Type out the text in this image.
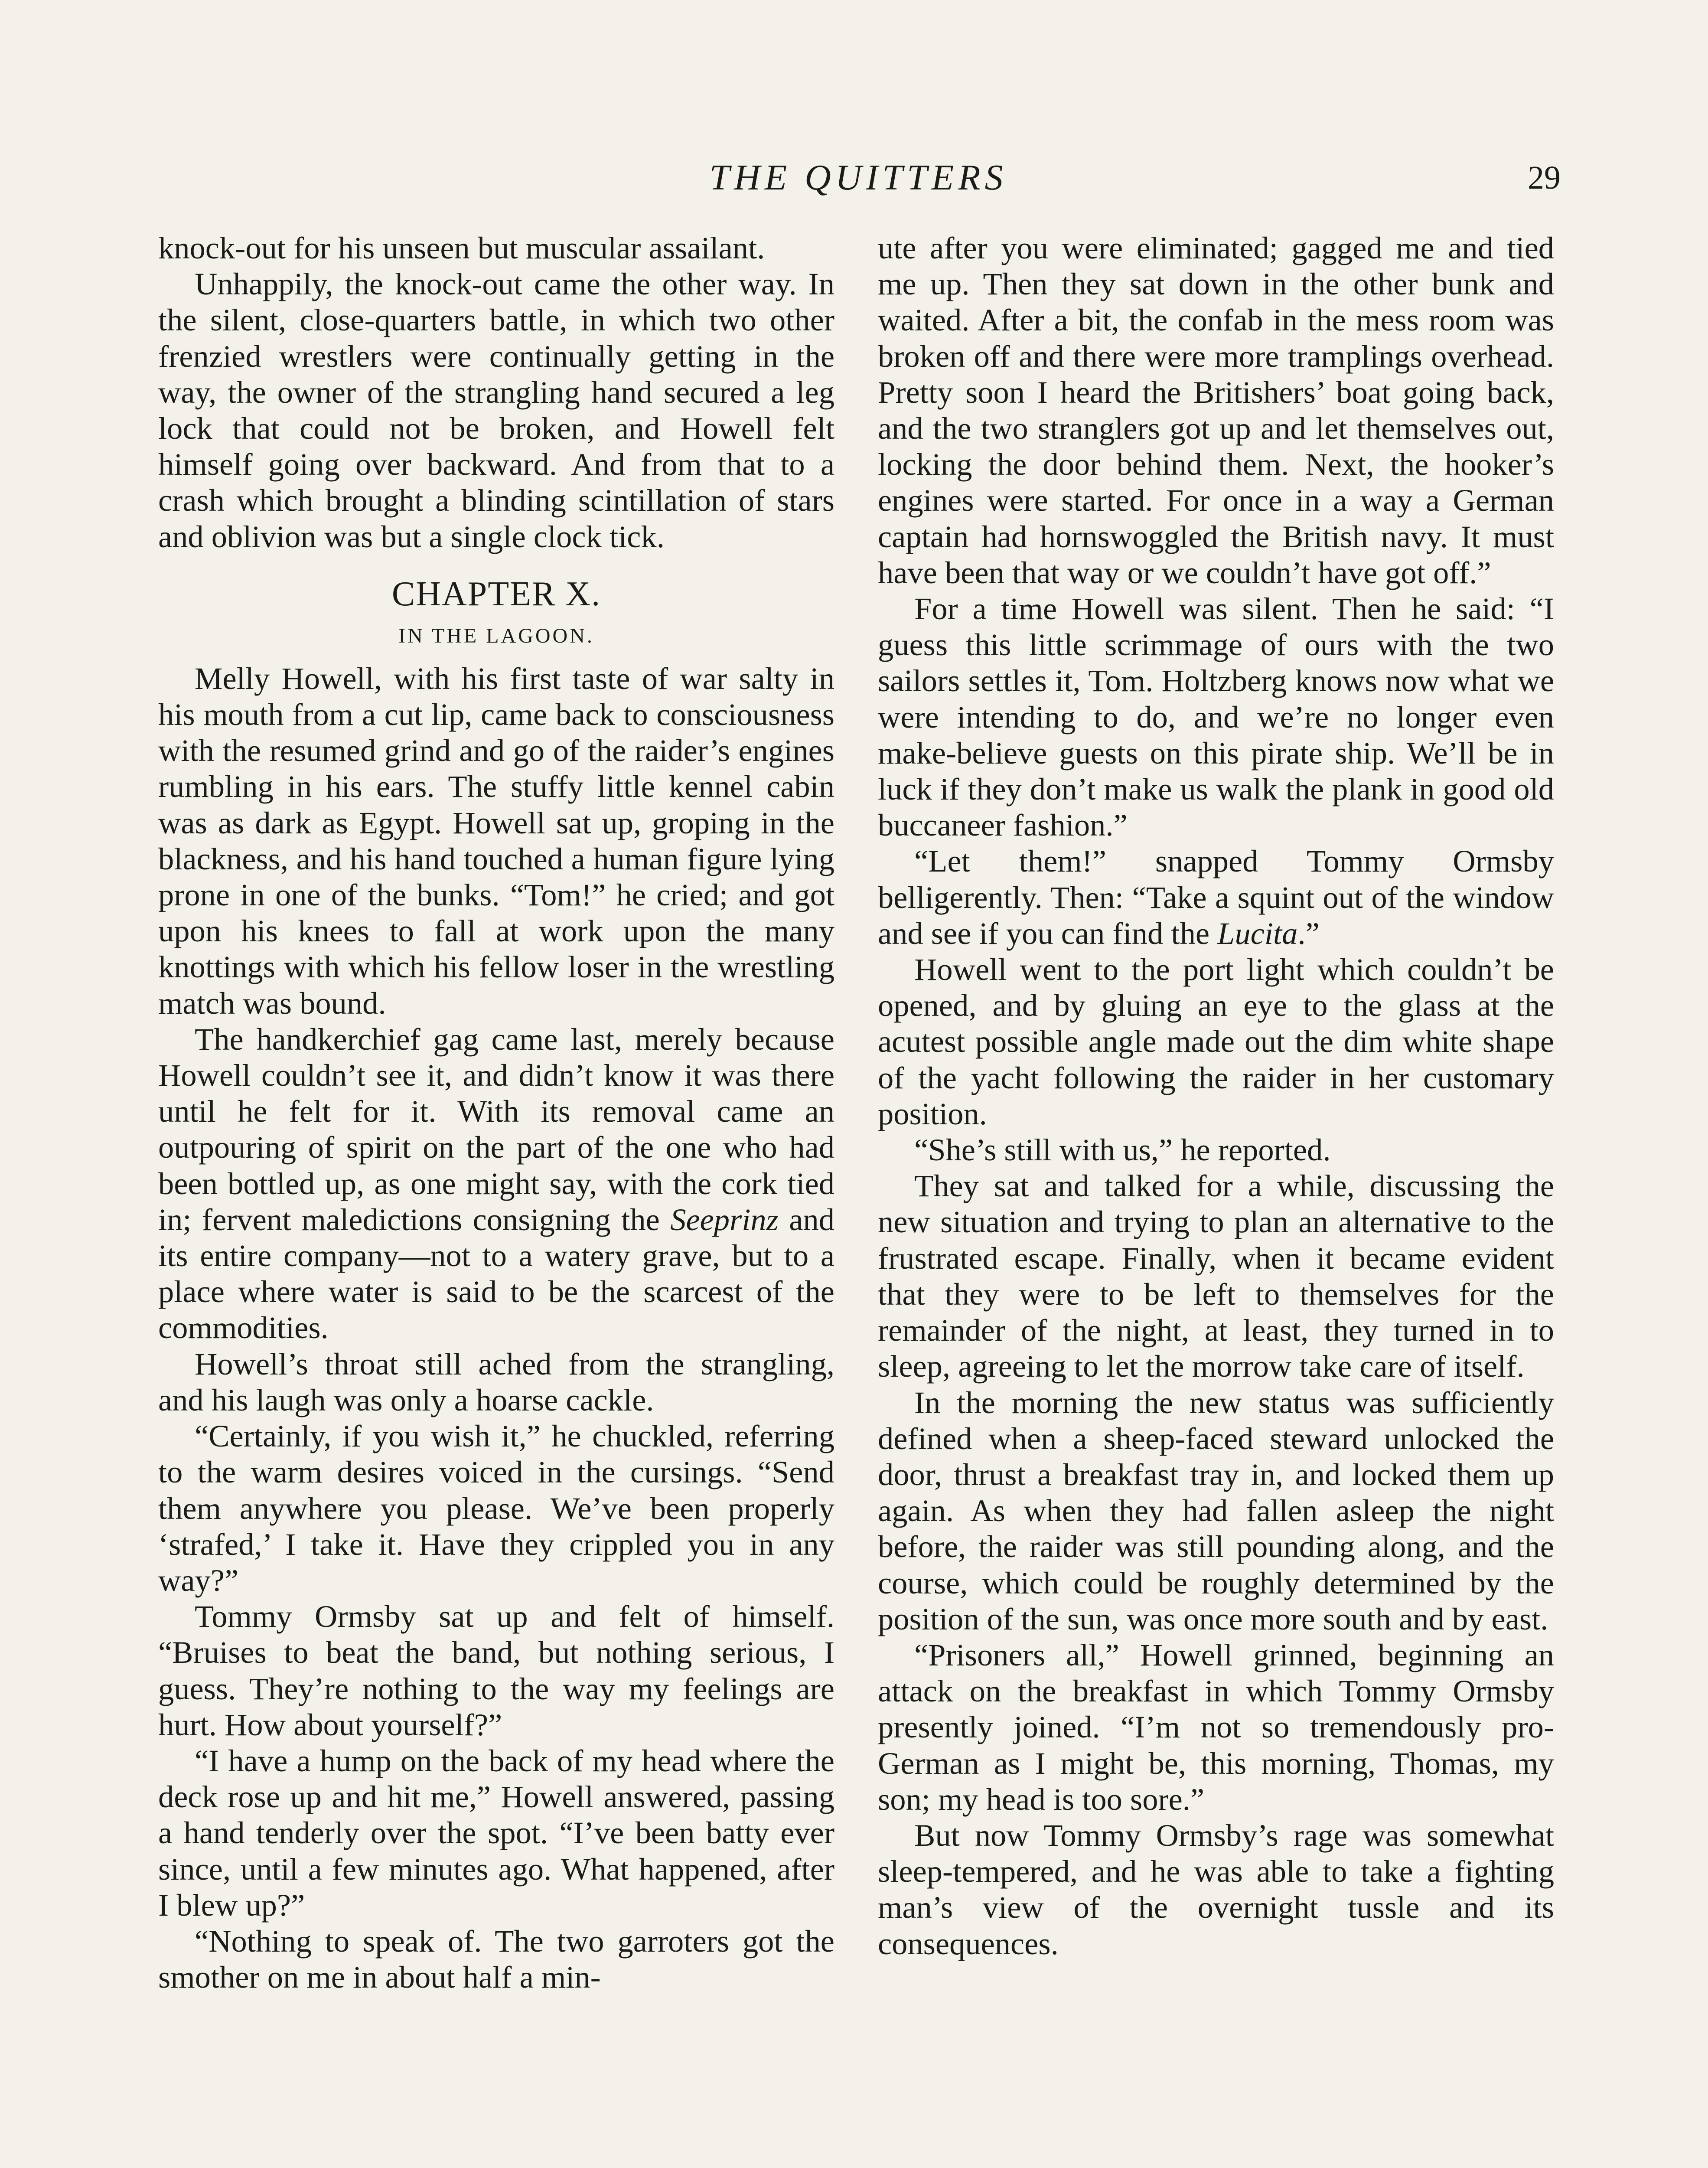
THE QUITTERS	29

knock-out for his unseen but muscular assailant.

Unhappily, the knock-out came the other way. In the silent, close-quarters battle, in which two other frenzied wrestlers were continually getting in the way, the owner of the strangling hand secured a leg lock that could not be broken, and Howell felt himself going over backward. And from that to a crash which brought a blinding scintillation of stars and oblivion was but a single clock tick.

CHAPTER X.
IN THE LAGOON.

Melly Howell, with his first taste of war salty in his mouth from a cut lip, came back to consciousness with the resumed grind and go of the raider’s engines rumbling in his ears. The stuffy little kennel cabin was as dark as Egypt. Howell sat up, groping in the blackness, and his hand touched a human figure lying prone in one of the bunks. “Tom!” he cried; and got upon his knees to fall at work upon the many knottings with which his fellow loser in the wrestling match was bound.

The handkerchief gag came last, merely because Howell couldn’t see it, and didn’t know it was there until he felt for it. With its removal came an outpouring of spirit on the part of the one who had been bottled up, as one might say, with the cork tied in; fervent maledictions consigning the Seeprinz and its entire company—not to a watery grave, but to a place where water is said to be the scarcest of the commodities.

Howell’s throat still ached from the strangling, and his laugh was only a hoarse cackle.

“Certainly, if you wish it,” he chuckled, referring to the warm desires voiced in the cursings. “Send them anywhere you please. We’ve been properly ‘strafed,’ I take it. Have they crippled you in any way?”

Tommy Ormsby sat up and felt of himself. “Bruises to beat the band, but nothing serious, I guess. They’re nothing to the way my feelings are hurt. How about yourself?”

“I have a hump on the back of my head where the deck rose up and hit me,” Howell answered, passing a hand tenderly over the spot. “I’ve been batty ever since, until a few minutes ago. What happened, after I blew up?”

“Nothing to speak of. The two garroters got the smother on me in about half a min-

ute after you were eliminated; gagged me and tied me up. Then they sat down in the other bunk and waited. After a bit, the confab in the mess room was broken off and there were more tramplings overhead. Pretty soon I heard the Britishers’ boat going back, and the two stranglers got up and let themselves out, locking the door behind them. Next, the hooker’s engines were started. For once in a way a German captain had hornswoggled the British navy. It must have been that way or we couldn’t have got off.”

For a time Howell was silent. Then he said: “I guess this little scrimmage of ours with the two sailors settles it, Tom. Holtzberg knows now what we were intending to do, and we’re no longer even make-believe guests on this pirate ship. We’ll be in luck if they don’t make us walk the plank in good old buccaneer fashion.”

“Let them!” snapped Tommy Ormsby belligerently. Then: “Take a squint out of the window and see if you can find the Lucita.”

Howell went to the port light which couldn’t be opened, and by gluing an eye to the glass at the acutest possible angle made out the dim white shape of the yacht following the raider in her customary position.

“She’s still with us,” he reported.

They sat and talked for a while, discussing the new situation and trying to plan an alternative to the frustrated escape. Finally, when it became evident that they were to be left to themselves for the remainder of the night, at least, they turned in to sleep, agreeing to let the morrow take care of itself.

In the morning the new status was sufficiently defined when a sheep-faced steward unlocked the door, thrust a breakfast tray in, and locked them up again. As when they had fallen asleep the night before, the raider was still pounding along, and the course, which could be roughly determined by the position of the sun, was once more south and by east.

“Prisoners all,” Howell grinned, beginning an attack on the breakfast in which Tommy Ormsby presently joined. “I’m not so tremendously pro-German as I might be, this morning, Thomas, my son; my head is too sore.”

But now Tommy Ormsby’s rage was somewhat sleep-tempered, and he was able to take a fighting man’s view of the overnight tussle and its consequences.
